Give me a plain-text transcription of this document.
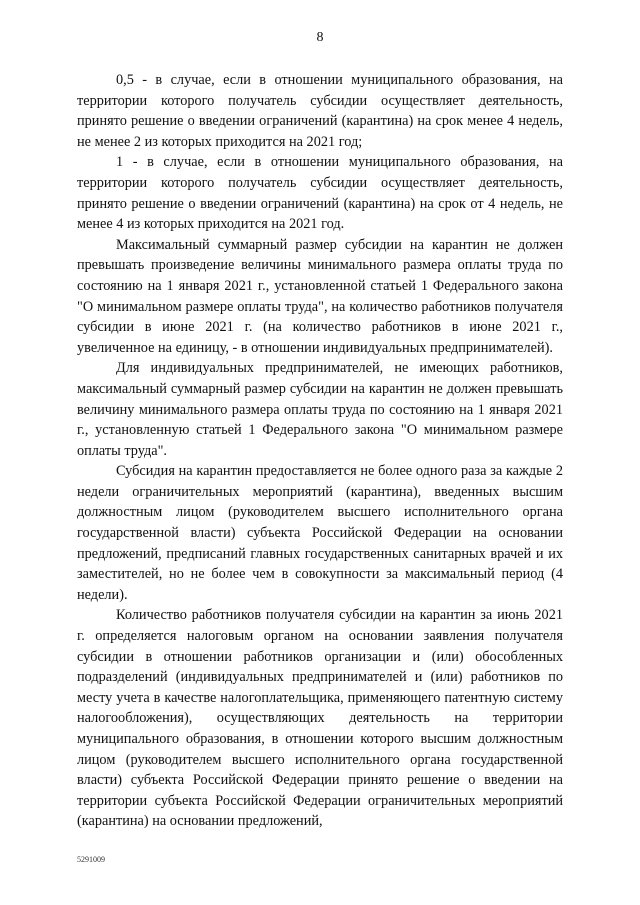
8

0,5 - в случае, если в отношении муниципального образования, на территории которого получатель субсидии осуществляет деятельность, принято решение о введении ограничений (карантина) на срок менее 4 недель, не менее 2 из которых приходится на 2021 год;

1 - в случае, если в отношении муниципального образования, на территории которого получатель субсидии осуществляет деятельность, принято решение о введении ограничений (карантина) на срок от 4 недель, не менее 4 из которых приходится на 2021 год.

Максимальный суммарный размер субсидии на карантин не должен превышать произведение величины минимального размера оплаты труда по состоянию на 1 января 2021 г., установленной статьей 1 Федерального закона "О минимальном размере оплаты труда", на количество работников получателя субсидии в июне 2021 г. (на количество работников в июне 2021 г., увеличенное на единицу, - в отношении индивидуальных предпринимателей).

Для индивидуальных предпринимателей, не имеющих работников, максимальный суммарный размер субсидии на карантин не должен превышать величину минимального размера оплаты труда по состоянию на 1 января 2021 г., установленную статьей 1 Федерального закона "О минимальном размере оплаты труда".

Субсидия на карантин предоставляется не более одного раза за каждые 2 недели ограничительных мероприятий (карантина), введенных высшим должностным лицом (руководителем высшего исполнительного органа государственной власти) субъекта Российской Федерации на основании предложений, предписаний главных государственных санитарных врачей и их заместителей, но не более чем в совокупности за максимальный период (4 недели).

Количество работников получателя субсидии на карантин за июнь 2021 г. определяется налоговым органом на основании заявления получателя субсидии в отношении работников организации и (или) обособленных подразделений (индивидуальных предпринимателей и (или) работников по месту учета в качестве налогоплательщика, применяющего патентную систему налогообложения), осуществляющих деятельность на территории муниципального образования, в отношении которого высшим должностным лицом (руководителем высшего исполнительного органа государственной власти) субъекта Российской Федерации принято решение о введении на территории субъекта Российской Федерации ограничительных мероприятий (карантина) на основании предложений,

5291009
